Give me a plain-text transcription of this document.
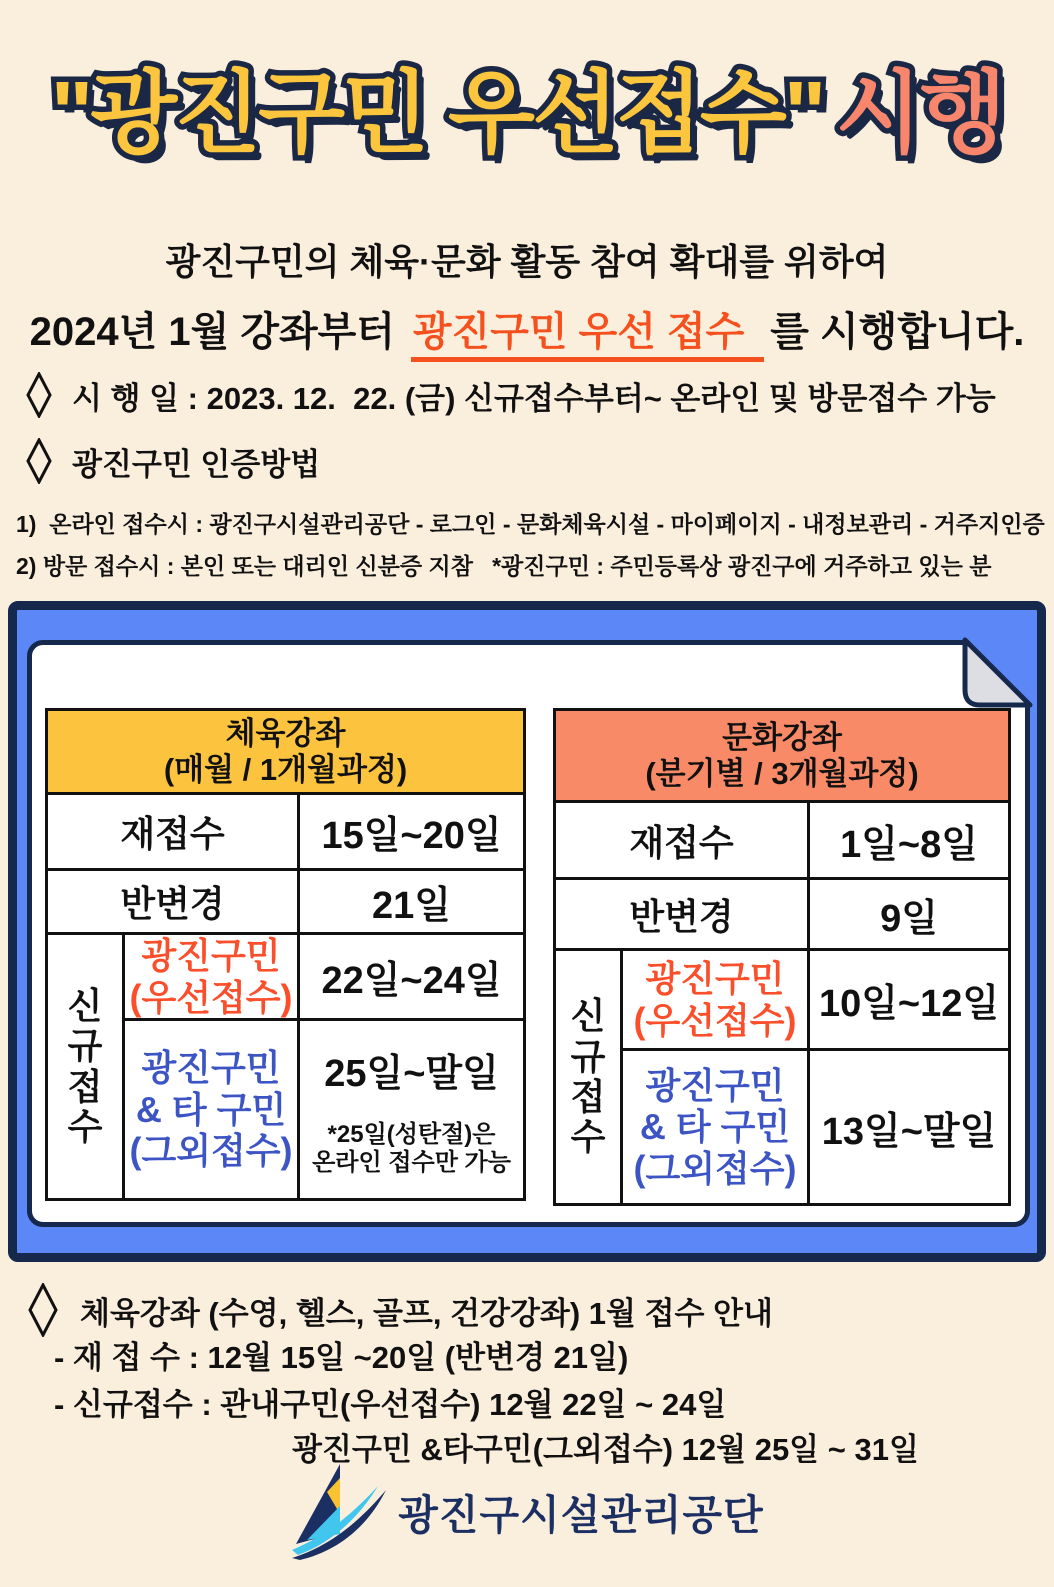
"광진구민 우선접수" 시행
광진구민의 체육·문화 활동 참여 확대를 위하여
2024년 1월 강좌부터 광진구민 우선 접수 를 시행합니다.
시 행 일 : 2023. 12.  22. (금) 신규접수부터~ 온라인 및 방문접수 가능
광진구민 인증방법
1)  온라인 접수시 : 광진구시설관리공단 - 로그인 - 문화체육시설 - 마이페이지 - 내정보관리 - 거주지인증
2) 방문 접수시 : 본인 또는 대리인 신분증 지참   *광진구민 : 주민등록상 광진구에 거주하고 있는 분
체육강좌
(매월 / 1개월과정)		

재접수		15일~20일
반변경		21일
신규접수	광진구민
(우선접수)	22일~24일

	광진구민
& 타 구민
(그외접수)	25일~말일
*25일(성탄절)은
온라인 접수만 가능
문화강좌
(분기별 / 3개월과정)		

재접수		1일~8일
반변경		9일
신규접수	광진구민
(우선접수)	10일~12일

	광진구민
& 타 구민
(그외접수)	13일~말일
체육강좌 (수영, 헬스, 골프, 건강강좌) 1월 접수 안내
- 재 접 수 : 12월 15일 ~20일 (반변경 21일)
- 신규접수 : 관내구민(우선접수) 12월 22일 ~ 24일
광진구민 &타구민(그외접수) 12월 25일 ~ 31일
광진구시설관리공단
